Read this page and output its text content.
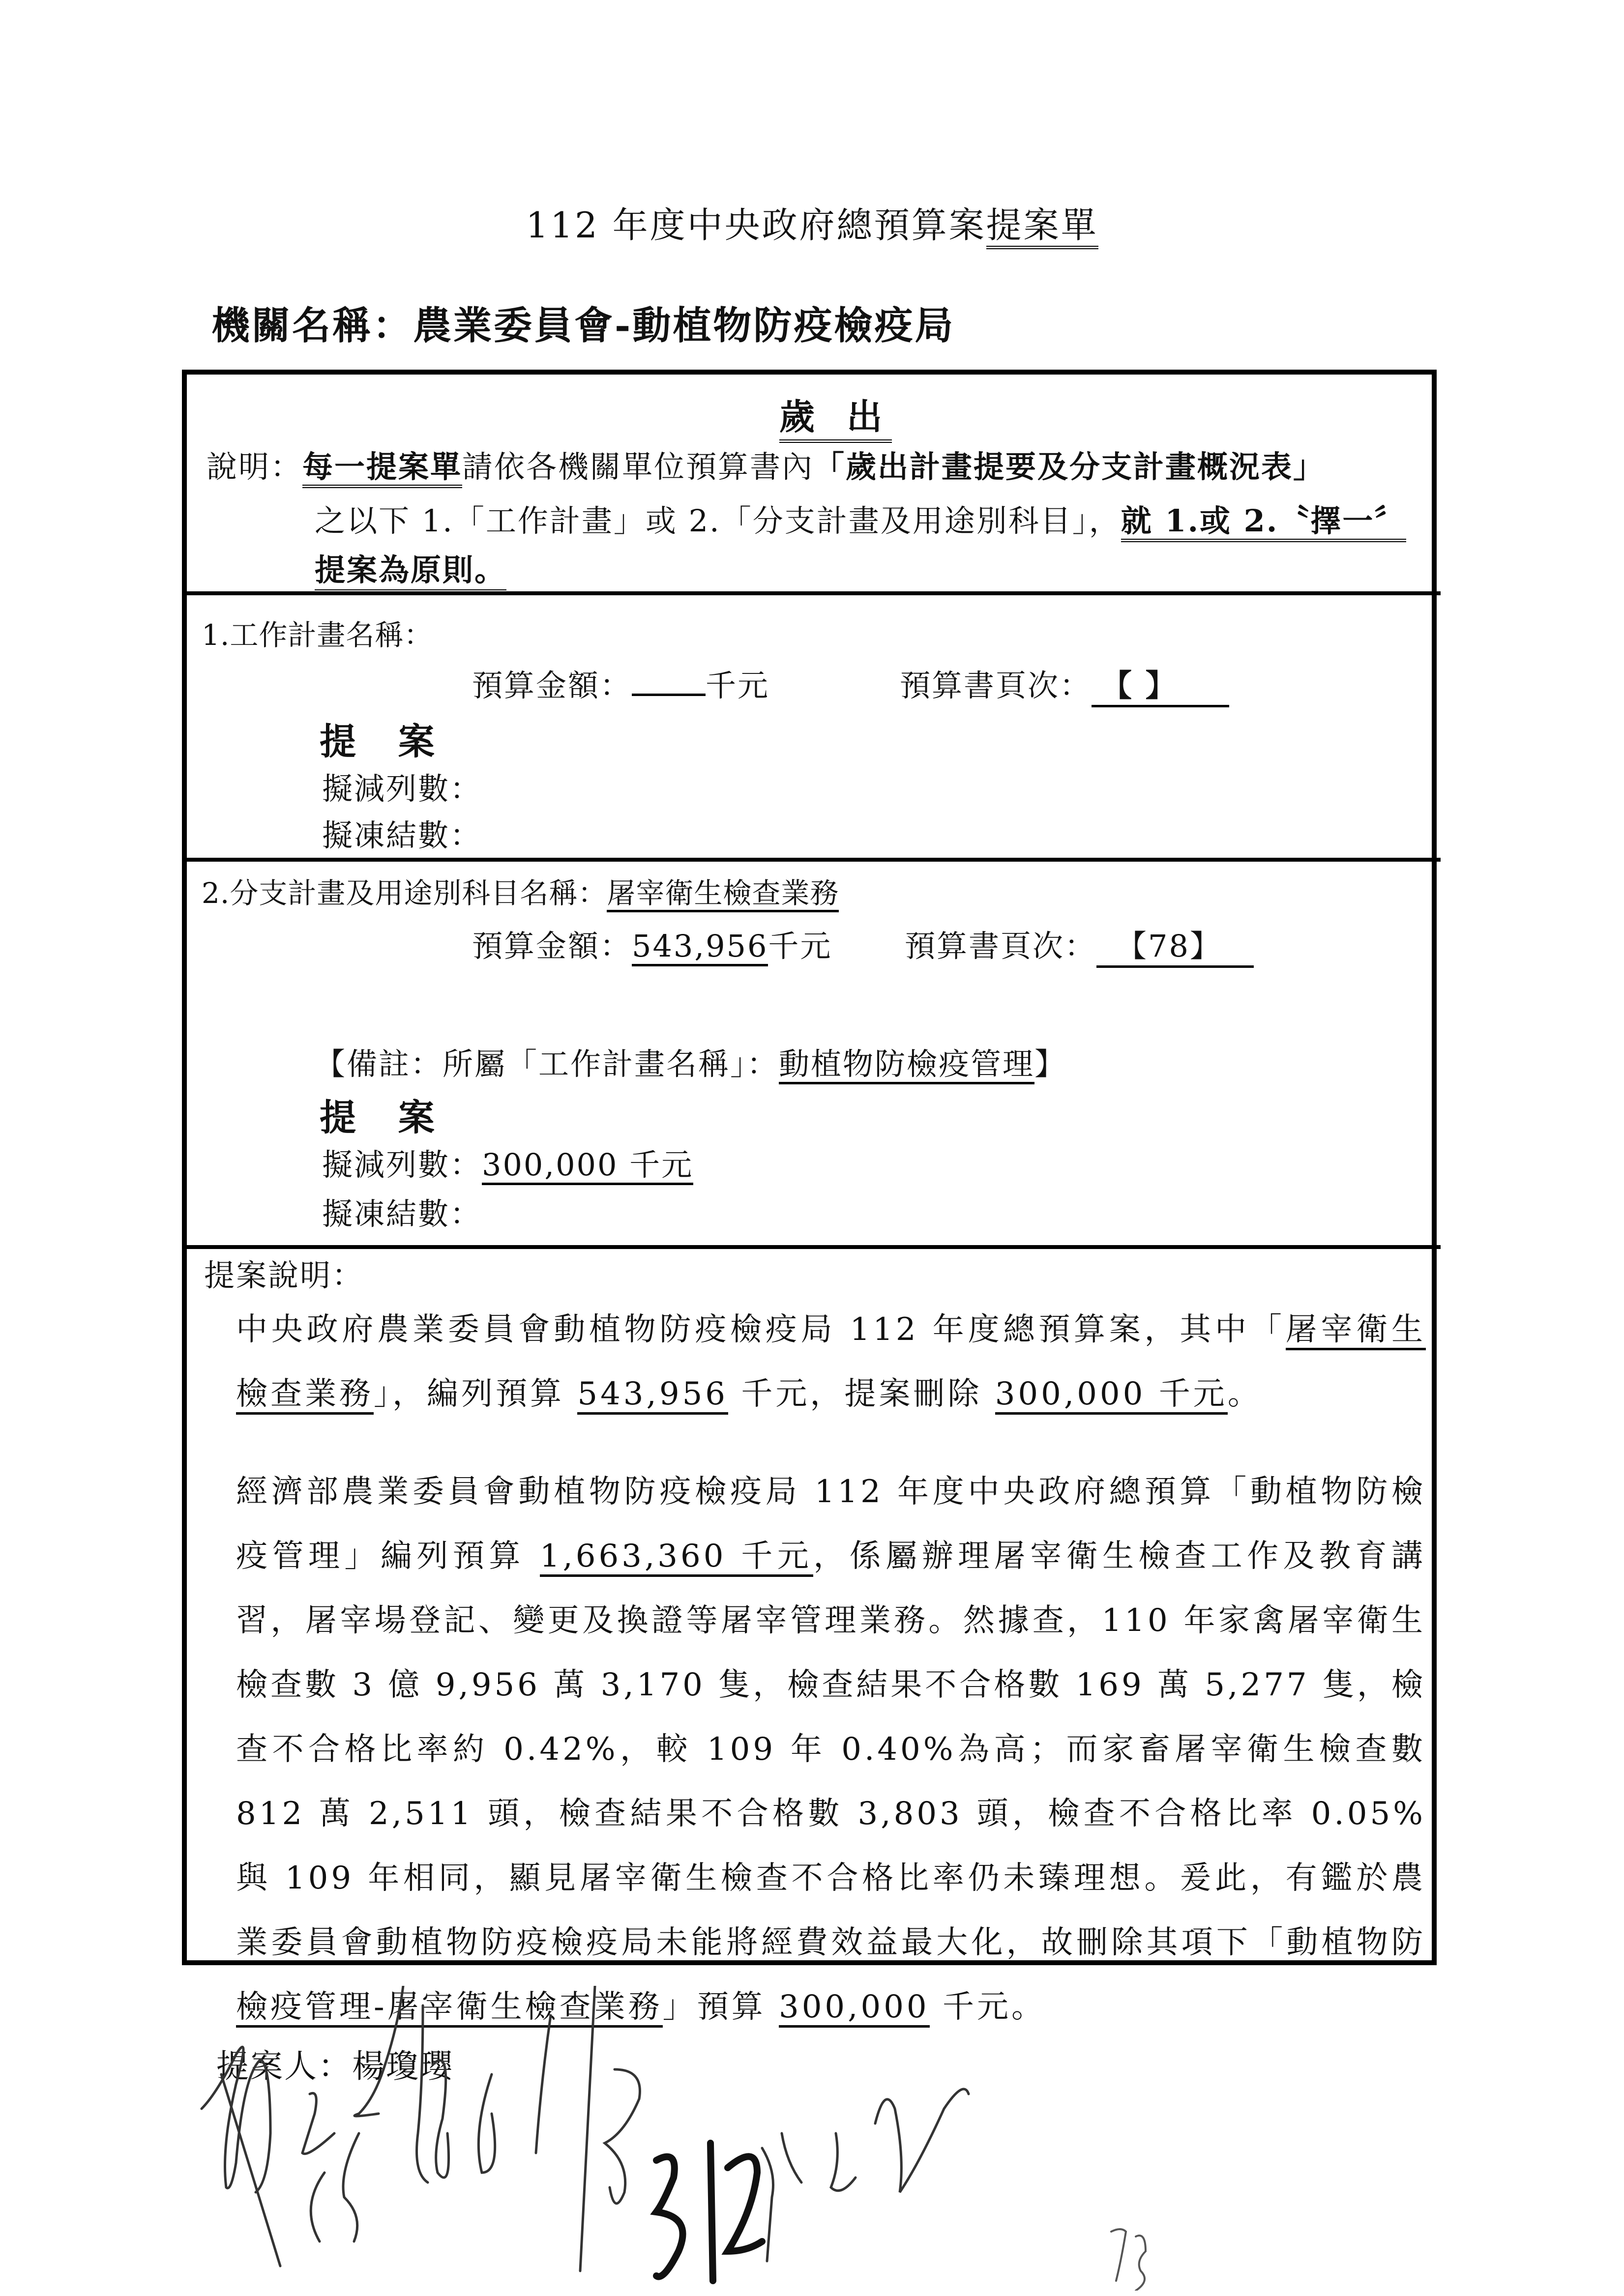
112 年度中央政府總預算案提案單
機關名稱：農業委員會-動植物防疫檢疫局
歲 出
說明：每一提案單請依各機關單位預算書內「歲出計畫提要及分支計畫概況表」
之以下 1.「工作計畫」或 2.「分支計畫及用途別科目」，就 1.或 2.〝擇一〞
提案為原則。
1.工作計畫名稱：
預算金額： 千元	預算書頁次： 【 】
提 案
擬減列數：
擬凍結數：
2.分支計畫及用途別科目名稱：屠宰衛生檢查業務
預算金額：543,956千元 預算書頁次： 【78】
【備註：所屬「工作計畫名稱」：動植物防檢疫管理】
提 案
擬減列數：300,000 千元
擬凍結數：
提案說明：
中央政府農業委員會動植物防疫檢疫局 112 年度總預算案，其中「屠宰衛生檢查業務」，編列預算 543,956 千元，提案刪除 300,000 千元。
經濟部農業委員會動植物防疫檢疫局 112 年度中央政府總預算「動植物防檢疫管理」編列預算 1,663,360 千元，係屬辦理屠宰衛生檢查工作及教育講習，屠宰場登記、變更及換證等屠宰管理業務。然據查，110 年家禽屠宰衛生檢查數 3 億 9,956 萬 3,170 隻，檢查結果不合格數 169 萬 5,277 隻，檢查不合格比率約 0.42%，較 109 年 0.40%為高；而家畜屠宰衛生檢查數 812 萬 2,511 頭，檢查結果不合格數 3,803 頭，檢查不合格比率 0.05%與 109 年相同，顯見屠宰衛生檢查不合格比率仍未臻理想。爰此，有鑑於農業委員會動植物防疫檢疫局未能將經費效益最大化，故刪除其項下「動植物防檢疫管理-屠宰衛生檢查業務」預算 300,000 千元。
提案人：楊瓊瓔
